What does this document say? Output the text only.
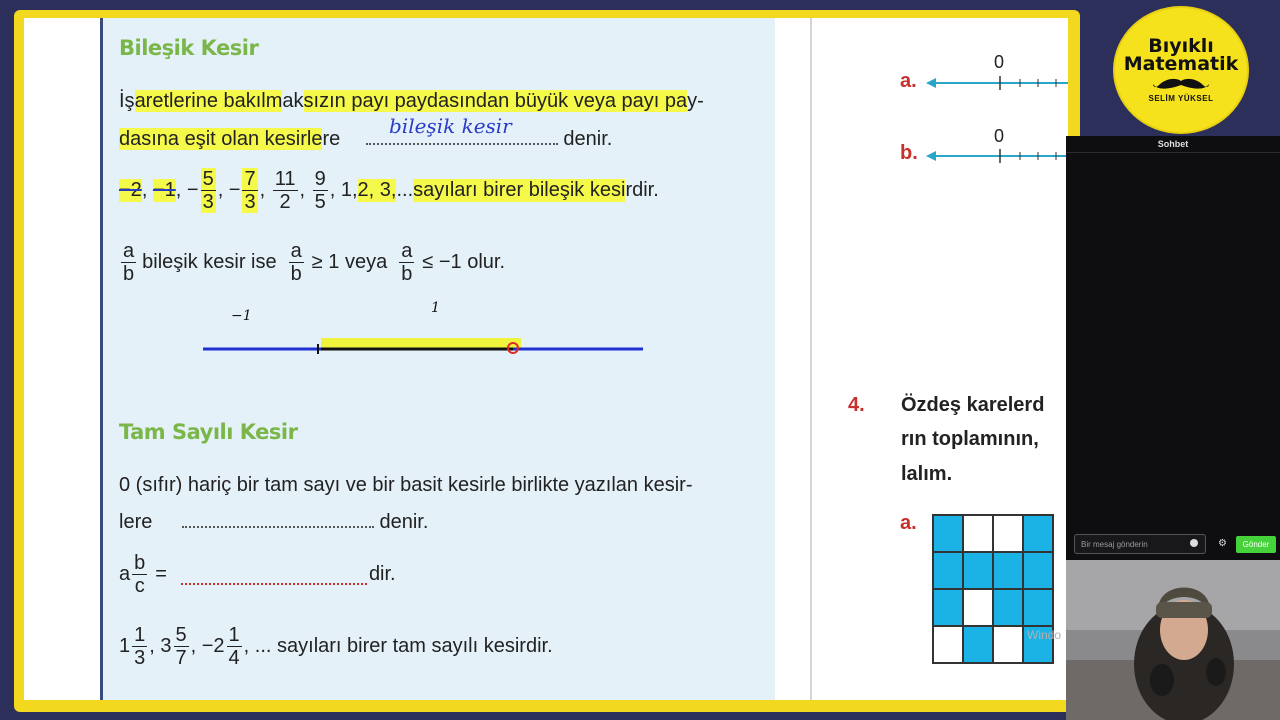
Bileşik Kesir
İşaretlerine bakılmaksızın payı paydasından büyük veya payı pay-
dasına eşit olan kesirlere	denir.
bileşik kesir
−2 , −1 , − $\frac{5}{3}$ , − $\frac{7}{3}$ , $\frac{11}{2}$ , $\frac{9}{5}$ , 1, 2, 3, ... sayıları birer bileşik kesi rdir.
$\frac{a}{b}$ bileşik kesir ise $\frac{a}{b} \ge 1$ veya $\frac{a}{b} \le -1$ olur.
−1	1
Tam Sayılı Kesir
0 (sıfır) hariç bir tam sayı ve bir basit kesirle birlikte yazılan kesir-
lere	denir.
a $\frac{b}{c}$ =	dir.
$1 \frac{1}{3}$ , $3 \frac{5}{7}$ , $-2 \frac{1}{4}$ , ... sayıları birer tam sayılı kesirdir.
a.
0
b.
0
4. Özdeş karelerd
rın toplamının,
lalım.
a.
Windo
Bıyıklı
Matematik
SELİM YÜKSEL
Sohbet
Bir mesaj gönderin	⚙	Gönder
